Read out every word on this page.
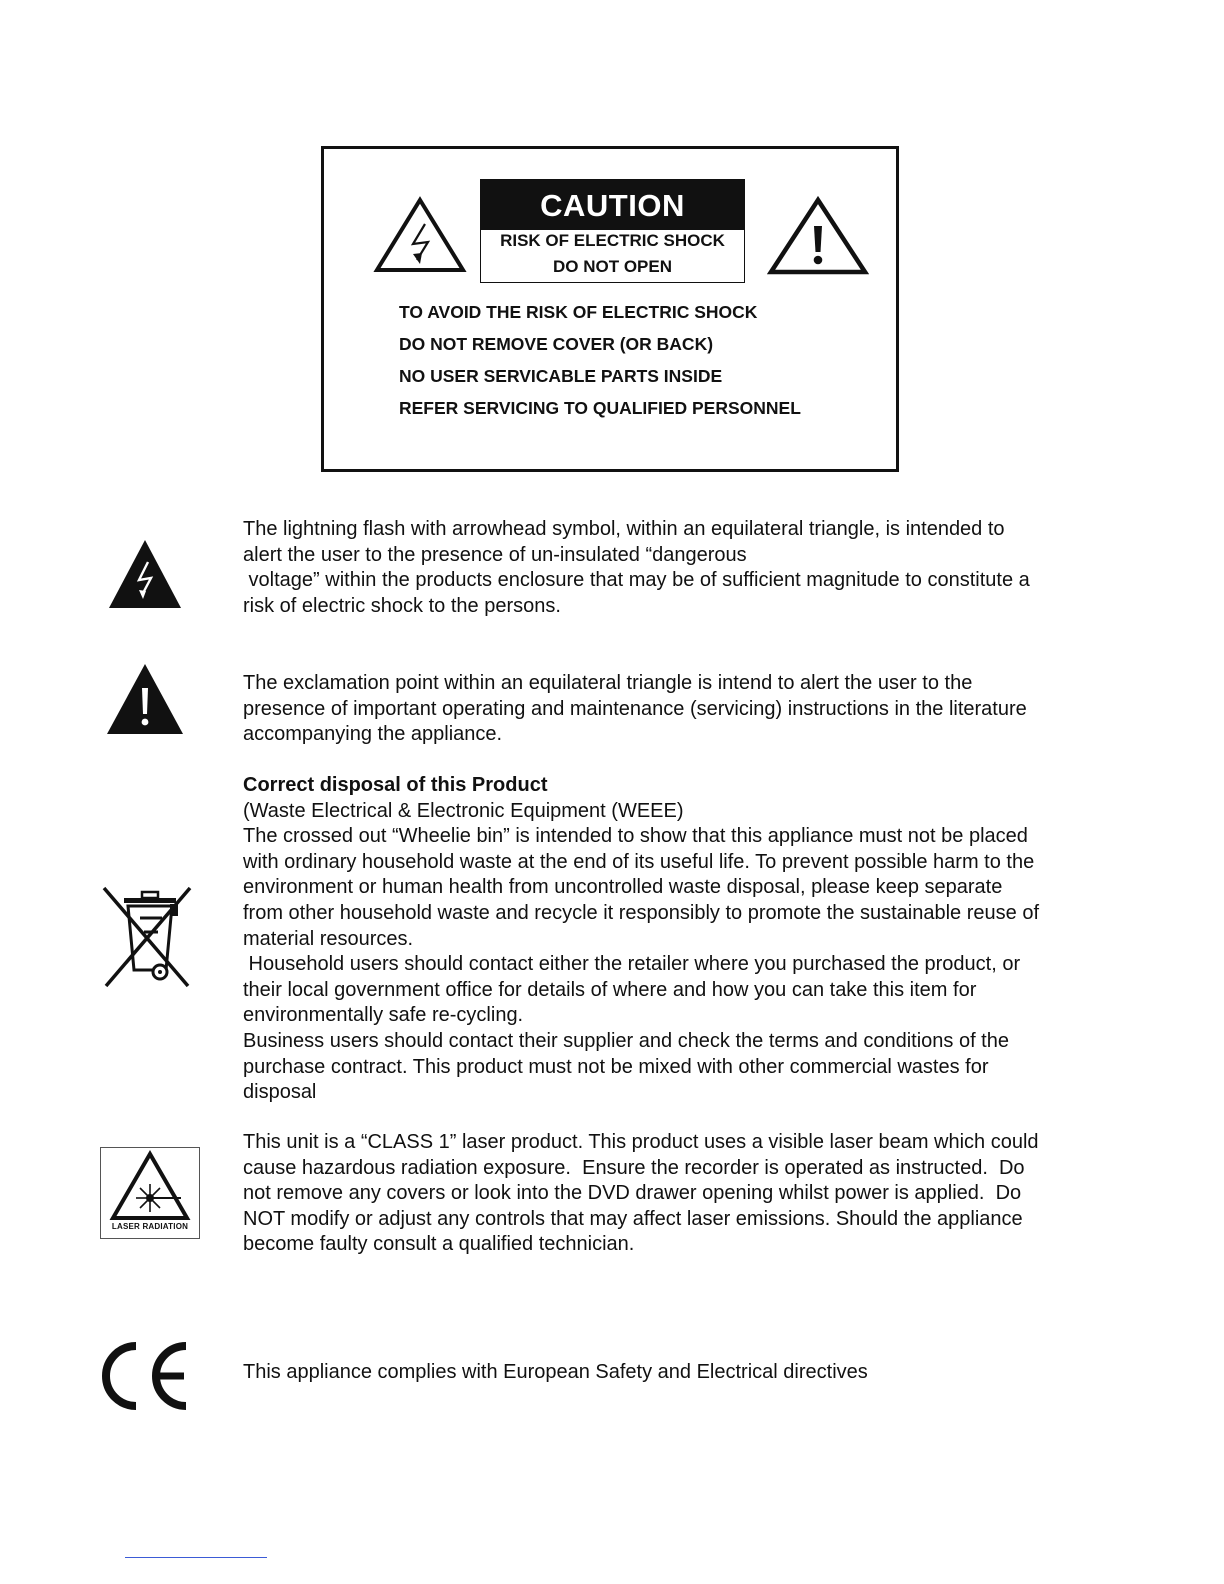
CAUTION
RISK OF ELECTRIC SHOCK
DO NOT OPEN
TO AVOID THE RISK OF ELECTRIC SHOCK
DO NOT REMOVE COVER (OR BACK)
NO USER SERVICABLE PARTS INSIDE
REFER SERVICING TO QUALIFIED PERSONNEL
The lightning flash with arrowhead symbol, within an equilateral triangle, is intended to
alert the user to the presence of un-insulated “dangerous
voltage” within the products enclosure that may be of sufficient magnitude to constitute a
risk of electric shock to the persons.
The exclamation point within an equilateral triangle is intend to alert the user to the
presence of important operating and maintenance (servicing) instructions in the literature
accompanying the appliance.
Correct disposal of this Product
(Waste Electrical & Electronic Equipment (WEEE)
The crossed out “Wheelie bin” is intended to show that this appliance must not be placed
with ordinary household waste at the end of its useful life. To prevent possible harm to the
environment or human health from uncontrolled waste disposal, please keep separate
from other household waste and recycle it responsibly to promote the sustainable reuse of
material resources.
Household users should contact either the retailer where you purchased the product, or
their local government office for details of where and how you can take this item for
environmentally safe re-cycling.
Business users should contact their supplier and check the terms and conditions of the
purchase contract. This product must not be mixed with other commercial wastes for
disposal
LASER RADIATION
This unit is a “CLASS 1” laser product. This product uses a visible laser beam which could
cause hazardous radiation exposure.  Ensure the recorder is operated as instructed.  Do
not remove any covers or look into the DVD drawer opening whilst power is applied.  Do
NOT modify or adjust any controls that may affect laser emissions. Should the appliance
become faulty consult a qualified technician.
This appliance complies with European Safety and Electrical directives
